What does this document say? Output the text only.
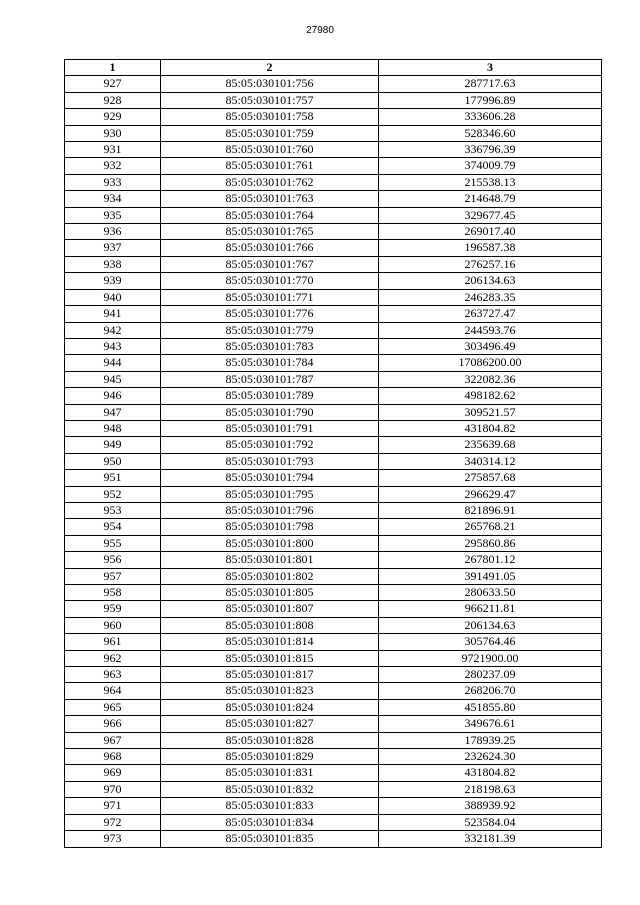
27980
1	2	3
927	85:05:030101:756	287717.63
928	85:05:030101:757	177996.89
929	85:05:030101:758	333606.28
930	85:05:030101:759	528346.60
931	85:05:030101:760	336796.39
932	85:05:030101:761	374009.79
933	85:05:030101:762	215538.13
934	85:05:030101:763	214648.79
935	85:05:030101:764	329677.45
936	85:05:030101:765	269017.40
937	85:05:030101:766	196587.38
938	85:05:030101:767	276257.16
939	85:05:030101:770	206134.63
940	85:05:030101:771	246283.35
941	85:05:030101:776	263727.47
942	85:05:030101:779	244593.76
943	85:05:030101:783	303496.49
944	85:05:030101:784	17086200.00
945	85:05:030101:787	322082.36
946	85:05:030101:789	498182.62
947	85:05:030101:790	309521.57
948	85:05:030101:791	431804.82
949	85:05:030101:792	235639.68
950	85:05:030101:793	340314.12
951	85:05:030101:794	275857.68
952	85:05:030101:795	296629.47
953	85:05:030101:796	821896.91
954	85:05:030101:798	265768.21
955	85:05:030101:800	295860.86
956	85:05:030101:801	267801.12
957	85:05:030101:802	391491.05
958	85:05:030101:805	280633.50
959	85:05:030101:807	966211.81
960	85:05:030101:808	206134.63
961	85:05:030101:814	305764.46
962	85:05:030101:815	9721900.00
963	85:05:030101:817	280237.09
964	85:05:030101:823	268206.70
965	85:05:030101:824	451855.80
966	85:05:030101:827	349676.61
967	85:05:030101:828	178939.25
968	85:05:030101:829	232624.30
969	85:05:030101:831	431804.82
970	85:05:030101:832	218198.63
971	85:05:030101:833	388939.92
972	85:05:030101:834	523584.04
973	85:05:030101:835	332181.39
